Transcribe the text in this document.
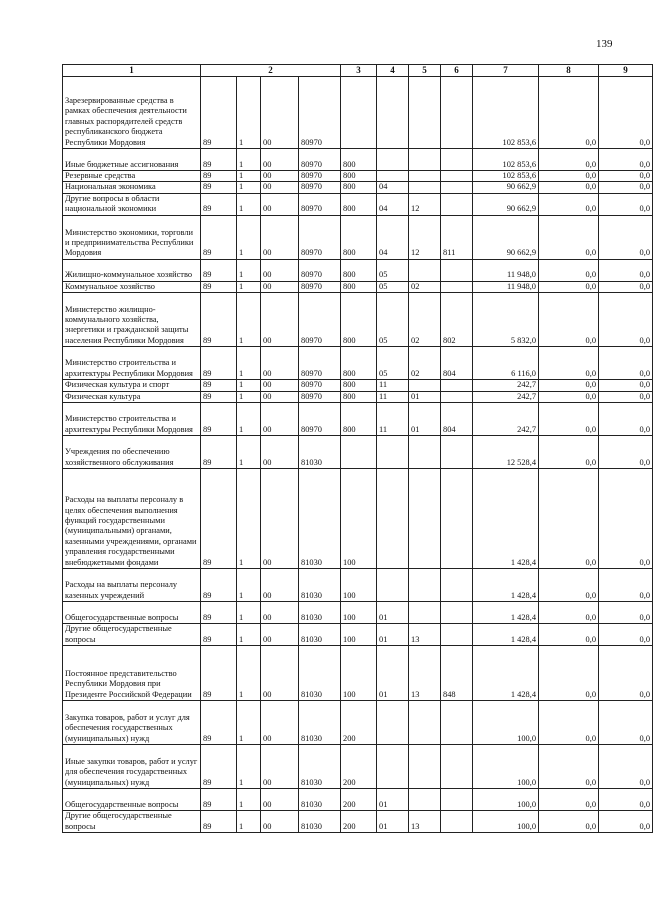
139
1	2				3	4	5	6	7	8	9
Зарезервированные средства в рамках обеспечения деятельности главных распорядителей средств республиканского бюджета Республики Мордовия	89	1	00	80970					102 853,6	0,0	0,0
Иные бюджетные ассигнования	89	1	00	80970	800				102 853,6	0,0	0,0
Резервные средства	89	1	00	80970	800				102 853,6	0,0	0,0
Национальная экономика	89	1	00	80970	800	04			90 662,9	0,0	0,0
Другие вопросы в области национальной экономики	89	1	00	80970	800	04	12		90 662,9	0,0	0,0
Министерство экономики, торговли и предпринимательства Республики Мордовия	89	1	00	80970	800	04	12	811	90 662,9	0,0	0,0
Жилищно-коммунальное хозяйство	89	1	00	80970	800	05			11 948,0	0,0	0,0
Коммунальное хозяйство	89	1	00	80970	800	05	02		11 948,0	0,0	0,0
Министерство жилищно-коммунального хозяйства, энергетики и гражданской защиты населения Республики Мордовия	89	1	00	80970	800	05	02	802	5 832,0	0,0	0,0
Министерство строительства и архитектуры Республики Мордовия	89	1	00	80970	800	05	02	804	6 116,0	0,0	0,0
Физическая культура и спорт	89	1	00	80970	800	11			242,7	0,0	0,0
Физическая культура	89	1	00	80970	800	11	01		242,7	0,0	0,0
Министерство строительства и архитектуры Республики Мордовия	89	1	00	80970	800	11	01	804	242,7	0,0	0,0
Учреждения по обеспечению хозяйственного обслуживания	89	1	00	81030					12 528,4	0,0	0,0
Расходы на выплаты персоналу в целях обеспечения выполнения функций государственными (муниципальными) органами, казенными учреждениями, органами управления государственными внебюджетными фондами	89	1	00	81030	100				1 428,4	0,0	0,0
Расходы на выплаты персоналу казенных учреждений	89	1	00	81030	100				1 428,4	0,0	0,0
Общегосударственные вопросы	89	1	00	81030	100	01			1 428,4	0,0	0,0
Другие общегосударственные вопросы	89	1	00	81030	100	01	13		1 428,4	0,0	0,0
Постоянное представительство Республики Мордовия при Президенте Российской Федерации	89	1	00	81030	100	01	13	848	1 428,4	0,0	0,0
Закупка товаров, работ и услуг для обеспечения государственных (муниципальных) нужд	89	1	00	81030	200				100,0	0,0	0,0
Иные закупки товаров, работ и услуг для обеспечения государственных (муниципальных) нужд	89	1	00	81030	200				100,0	0,0	0,0
Общегосударственные вопросы	89	1	00	81030	200	01			100,0	0,0	0,0
Другие общегосударственные вопросы	89	1	00	81030	200	01	13		100,0	0,0	0,0
